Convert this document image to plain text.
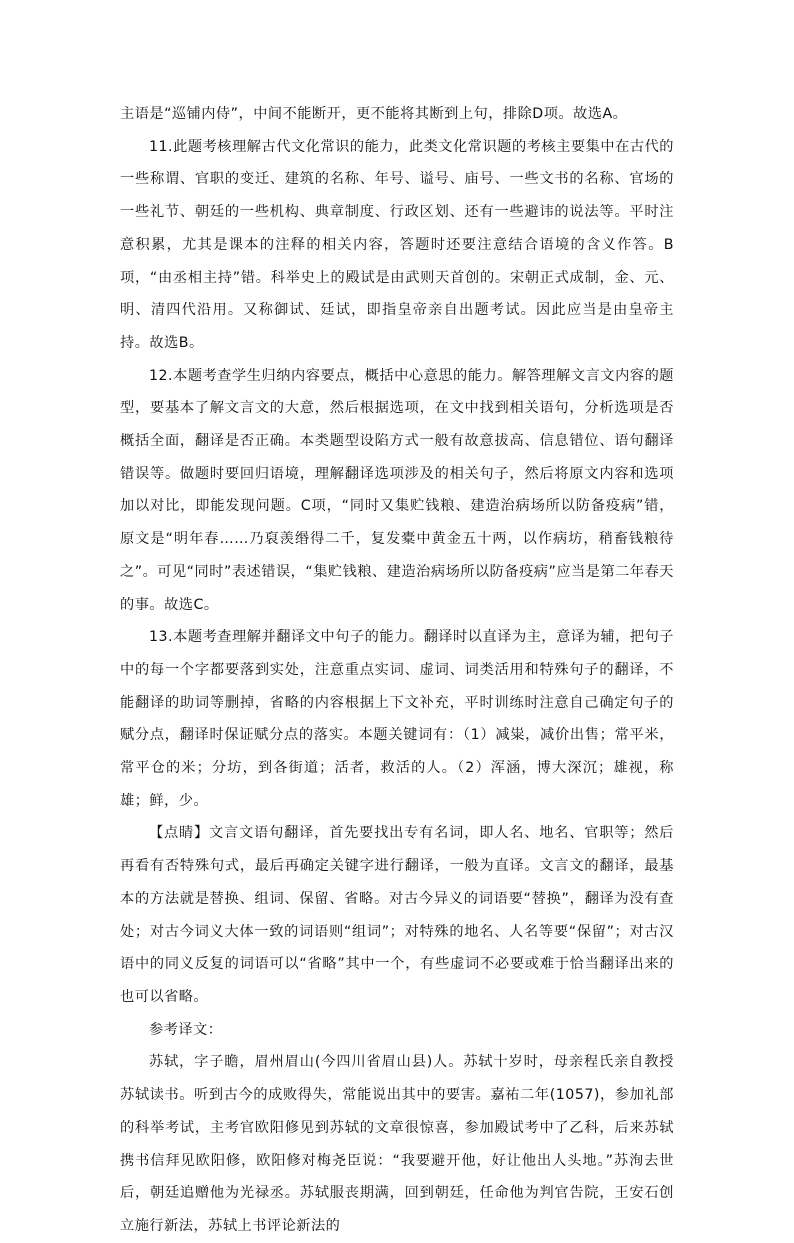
主语是“巡铺内侍”，中间不能断开，更不能将其断到上句，排除D项。故选A。

11.此题考核理解古代文化常识的能力，此类文化常识题的考核主要集中在古代的一些称谓、官职的变迁、建筑的名称、年号、谥号、庙号、一些文书的名称、官场的一些礼节、朝廷的一些机构、典章制度、行政区划、还有一些避讳的说法等。平时注意积累，尤其是课本的注释的相关内容，答题时还要注意结合语境的含义作答。B项，“由丞相主持”错。科举史上的殿试是由武则天首创的。宋朝正式成制，金、元、明、清四代沿用。又称御试、廷试，即指皇帝亲自出题考试。因此应当是由皇帝主持。故选B。

12.本题考查学生归纳内容要点，概括中心意思的能力。解答理解文言文内容的题型，要基本了解文言文的大意，然后根据选项，在文中找到相关语句，分析选项是否概括全面，翻译是否正确。本类题型设陷方式一般有故意拔高、信息错位、语句翻译错误等。做题时要回归语境，理解翻译选项涉及的相关句子，然后将原文内容和选项加以对比，即能发现问题。C项，“同时又集贮钱粮、建造治病场所以防备疫病”错，原文是“明年春……乃裒羡缗得二千，复发橐中黄金五十两，以作病坊，稍畜钱粮待之”。可见“同时”表述错误，“集贮钱粮、建造治病场所以防备疫病”应当是第二年春天的事。故选C。

13.本题考查理解并翻译文中句子的能力。翻译时以直译为主，意译为辅，把句子中的每一个字都要落到实处，注意重点实词、虚词、词类活用和特殊句子的翻译，不能翻译的助词等删掉，省略的内容根据上下文补充，平时训练时注意自己确定句子的赋分点，翻译时保证赋分点的落实。本题关键词有：（1）减粜，减价出售；常平米，常平仓的米；分坊，到各街道；活者，救活的人。（2）浑涵，博大深沉；雄视，称雄；鲜，少。

【点睛】文言文语句翻译，首先要找出专有名词，即人名、地名、官职等；然后再看有否特殊句式，最后再确定关键字进行翻译，一般为直译。文言文的翻译，最基本的方法就是替换、组词、保留、省略。对古今异义的词语要“替换”，翻译为没有查处；对古今词义大体一致的词语则“组词”；对特殊的地名、人名等要“保留”；对古汉语中的同义反复的词语可以“省略”其中一个，有些虚词不必要或难于恰当翻译出来的也可以省略。

参考译文：

苏轼，字子瞻，眉州眉山(今四川省眉山县)人。苏轼十岁时，母亲程氏亲自教授苏轼读书。听到古今的成败得失，常能说出其中的要害。嘉祐二年(1057)，参加礼部的科举考试，主考官欧阳修见到苏轼的文章很惊喜，参加殿试考中了乙科，后来苏轼携书信拜见欧阳修，欧阳修对梅尧臣说：“我要避开他，好让他出人头地。”苏洵去世后，朝廷追赠他为光禄丞。苏轼服丧期满，回到朝廷，任命他为判官告院，王安石创立施行新法，苏轼上书评论新法的
